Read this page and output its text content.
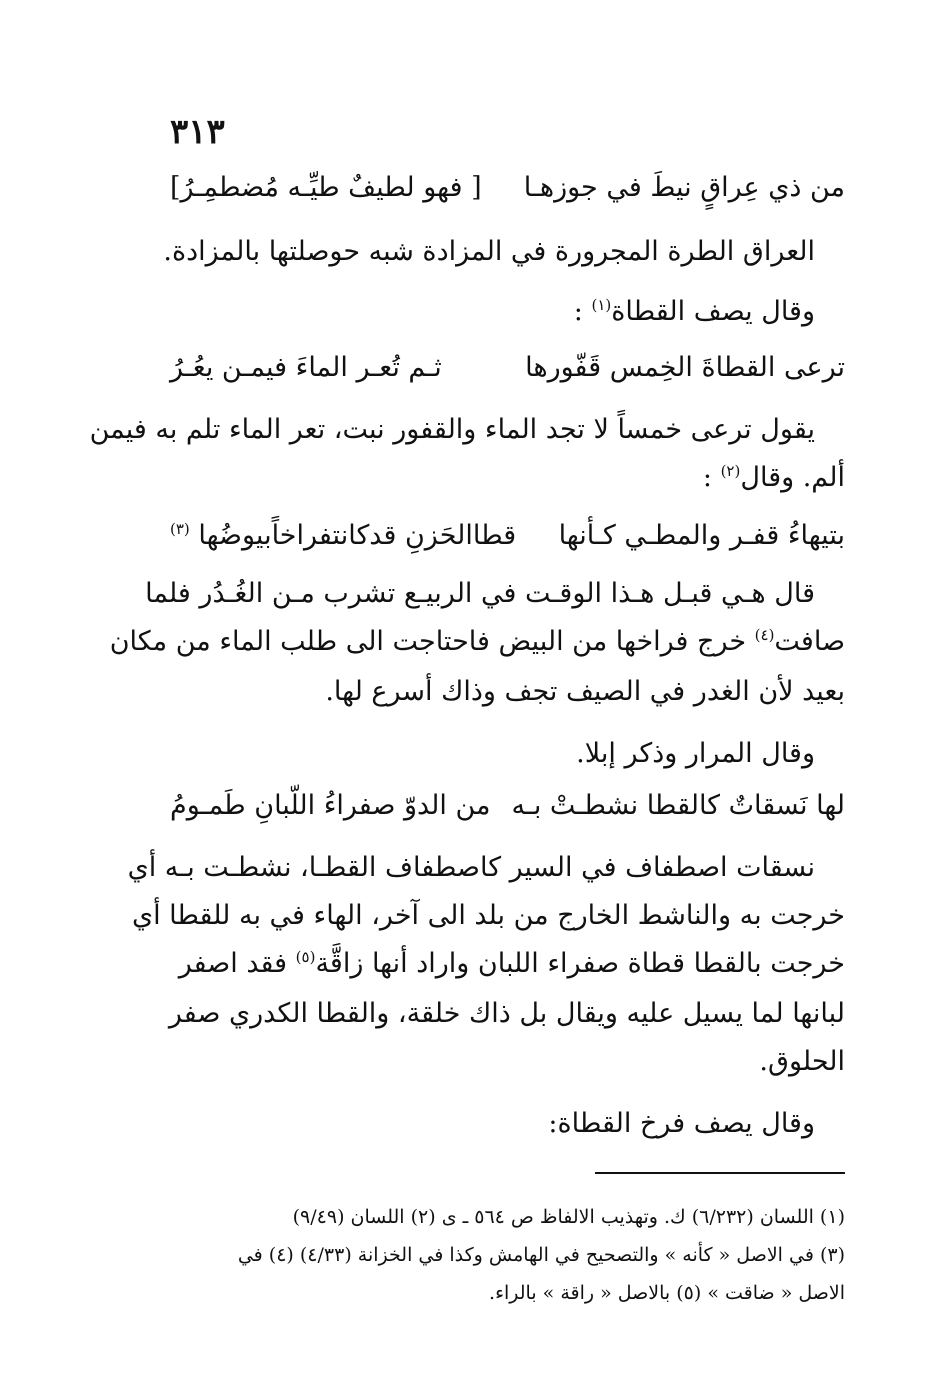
٣١٣
من ذي عِراقٍ نيطَ في جوزهـا
[ فهو لطيفٌ طيِّـه مُضطمِـرُ]
العراق الطرة المجرورة في المزادة شبه حوصلتها بالمزادة.
وقال يصف القطاة$^{(١)}$ :
ترعى القطاةَ الخِمس قَفّورها
ثـم تُعـر الماءَ فيمـن يعُـرُ
يقول ترعى خمساً لا تجد الماء والقفور نبت، تعر الماء تلم به فيمن
ألم. وقال$^{(٢)}$ :
قطاالحَزنِ قدكانتفراخاًبيوضُها $^{(٣)}$	بتيهاءُ قفـر والمطـي كـأنها
قال هـي قبـل هـذا الوقـت في الربيـع تشرب مـن الغُـدُر فلما
صافت$^{(٤)}$ خرج فراخها من البيض فاحتاجت الى طلب الماء من مكان
بعيد لأن الغدر في الصيف تجف وذاك أسرع لها.
وقال المرار وذكر إبلا.
لها نَسقاتٌ كالقطا نشطـتْ بـه
من الدوّ صفراءُ اللّبانِ طَمـومُ
نسقات اصطفاف في السير كاصطفاف القطـا، نشطـت بـه أي
خرجت به والناشط الخارج من بلد الى آخر، الهاء في به للقطا أي
خرجت بالقطا قطاة صفراء اللبان واراد أنها زاقَّة$^{(٥)}$ فقد اصفر
لبانها لما يسيل عليه ويقال بل ذاك خلقة، والقطا الكدري صفر
الحلوق.
وقال يصف فرخ القطاة:
(١) اللسان (٦/٢٣٢) ك. وتهذيب الالفاظ ص ٥٦٤ ـ ى (٢) اللسان (٩/٤٩)
(٣) في الاصل « كأنه » والتصحيح في الهامش وكذا في الخزانة (٤/٣٣) (٤) في
الاصل « ضاقت » (٥) بالاصل « راقة » بالراء.
